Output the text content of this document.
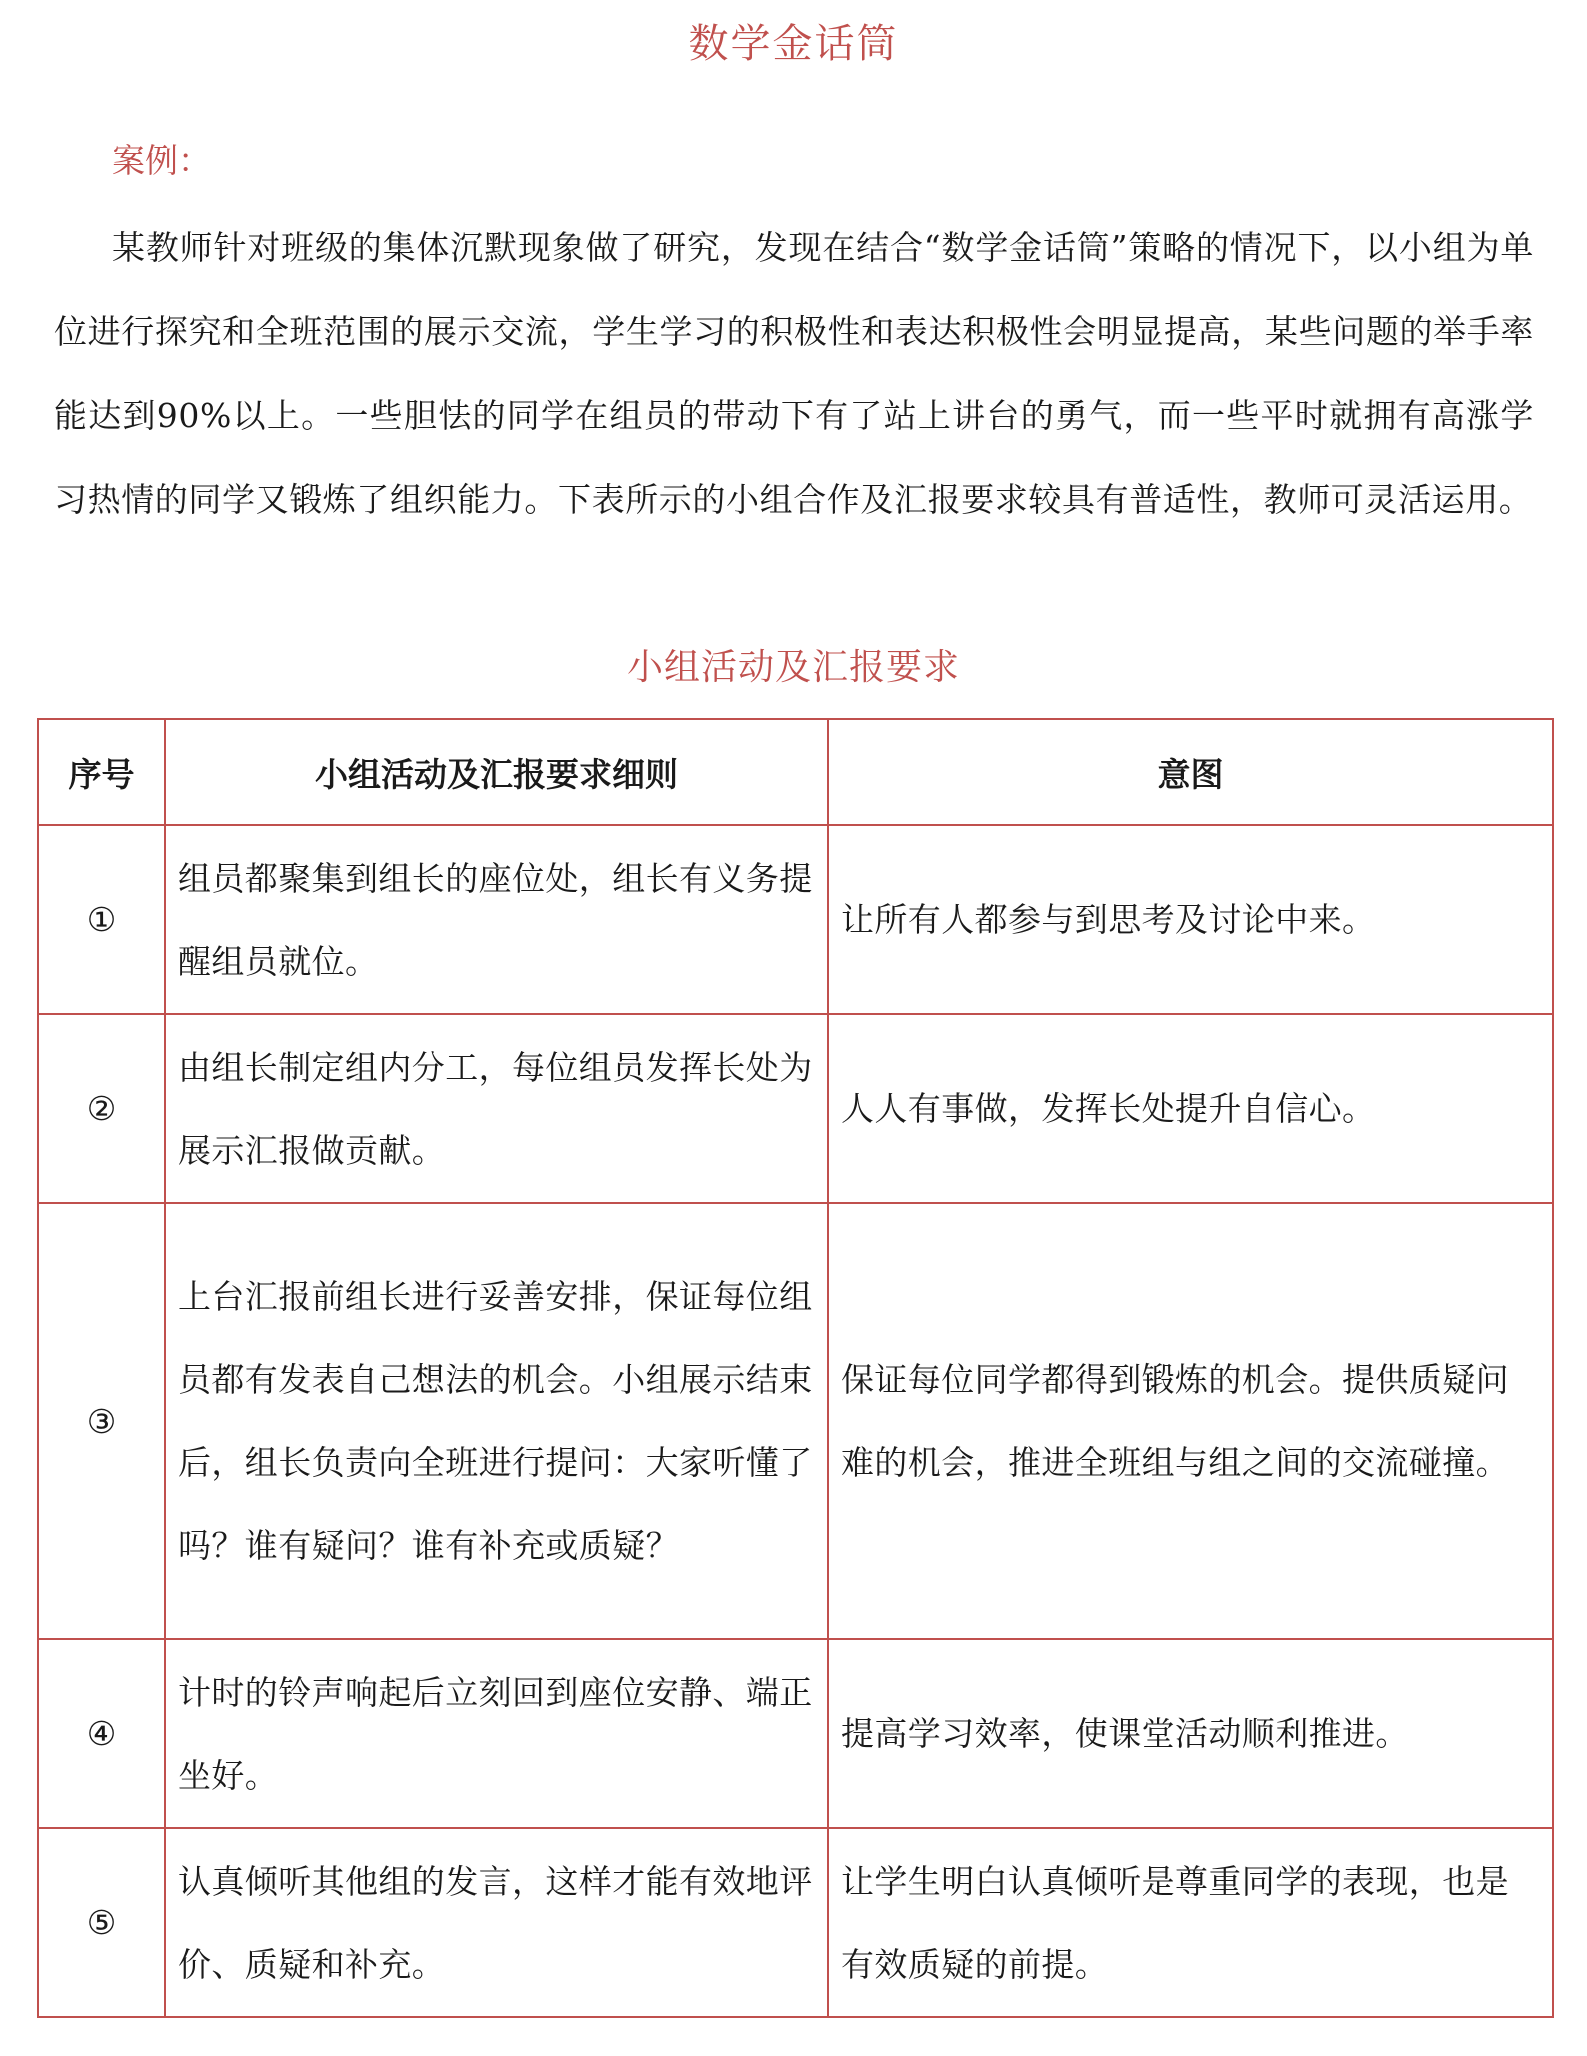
数学金话筒
案例：
某教师针对班级的集体沉默现象做了研究，发现在结合“数学金话筒”策略的情况下，以小组为单位进行探究和全班范围的展示交流，学生学习的积极性和表达积极性会明显提高，某些问题的举手率能达到90%以上。一些胆怯的同学在组员的带动下有了站上讲台的勇气，而一些平时就拥有高涨学习热情的同学又锻炼了组织能力。下表所示的小组合作及汇报要求较具有普适性，教师可灵活运用。
小组活动及汇报要求
序号	小组活动及汇报要求细则	意图
①	组员都聚集到组长的座位处，组长有义务提醒组员就位。	让所有人都参与到思考及讨论中来。
②	由组长制定组内分工，每位组员发挥长处为展示汇报做贡献。	人人有事做，发挥长处提升自信心。
③	上台汇报前组长进行妥善安排，保证每位组员都有发表自己想法的机会。小组展示结束后，组长负责向全班进行提问：大家听懂了吗？谁有疑问？谁有补充或质疑？	保证每位同学都得到锻炼的机会。提供质疑问难的机会，推进全班组与组之间的交流碰撞。
④	计时的铃声响起后立刻回到座位安静、端正坐好。	提高学习效率，使课堂活动顺利推进。
⑤	认真倾听其他组的发言，这样才能有效地评价、质疑和补充。	让学生明白认真倾听是尊重同学的表现，也是有效质疑的前提。
